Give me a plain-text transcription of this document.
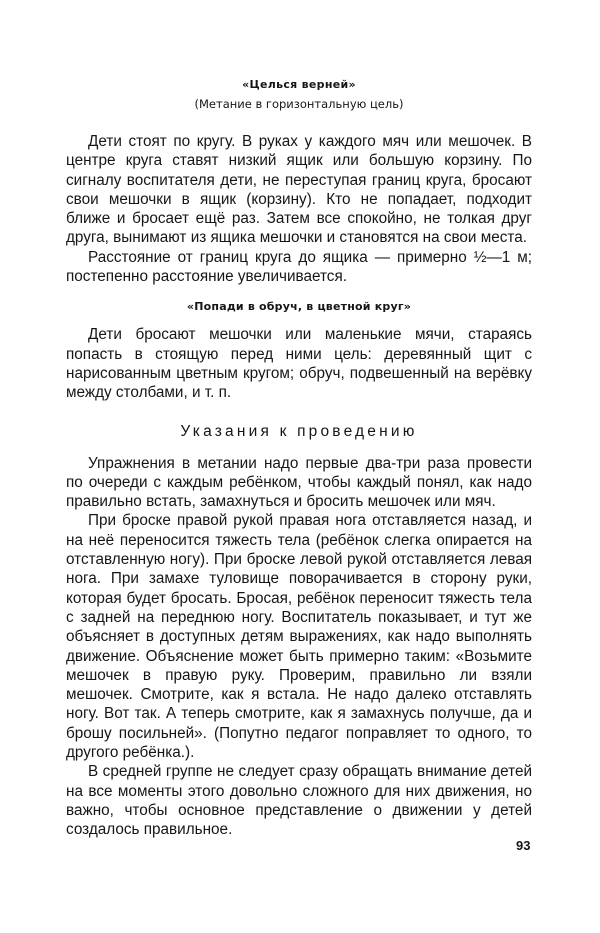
«Целься верней»
(Метание в горизонтальную цель)

Дети стоят по кругу. В руках у каждого мяч или мешочек. В центре круга ставят низкий ящик или большую корзину. По сигналу воспитателя дети, не переступая границ круга, бросают свои мешочки в ящик (корзину). Кто не попадает, подходит ближе и бросает ещё раз. Затем все спокойно, не толкая друг друга, вынимают из ящика мешочки и становятся на свои места.

Расстояние от границ круга до ящика — примерно ½—1 м; постепенно расстояние увеличивается.

«Попади в обруч, в цветной круг»

Дети бросают мешочки или маленькие мячи, стараясь попасть в стоящую перед ними цель: деревянный щит с нарисованным цветным кругом; обруч, подвешенный на верёвку между столбами, и т. п.

Указания к проведению

Упражнения в метании надо первые два-три раза провести по очереди с каждым ребёнком, чтобы каждый понял, как надо правильно встать, замахнуться и бросить мешочек или мяч.

При броске правой рукой правая нога отставляется назад, и на неё переносится тяжесть тела (ребёнок слегка опирается на отставленную ногу). При броске левой рукой отставляется левая нога. При замахе туловище поворачивается в сторону руки, которая будет бросать. Бросая, ребёнок переносит тяжесть тела с задней на переднюю ногу. Воспитатель показывает, и тут же объясняет в доступных детям выражениях, как надо выполнять движение. Объяснение может быть примерно таким: «Возьмите мешочек в правую руку. Проверим, правильно ли взяли мешочек. Смотрите, как я встала. Не надо далеко отставлять ногу. Вот так. А теперь смотрите, как я замахнусь получше, да и брошу посильней». (Попутно педагог поправляет то одного, то другого ребёнка.).

В средней группе не следует сразу обращать внимание детей на все моменты этого довольно сложного для них движения, но важно, чтобы основное представление о движении у детей создалось правильное.

93
